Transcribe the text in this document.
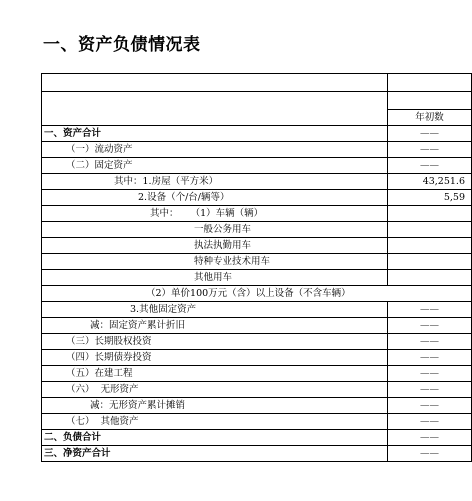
一、资产负债情况表

	年初数
一、资产合计	——
（一）流动资产	——
（二）固定资产	——
其中：1.房屋（平方米）	43,251.6
2.设备（个/台/辆等）	5,59
其中：    （1）车辆（辆）	
一般公务用车	
执法执勤用车	
特种专业技术用车	
其他用车	
（2）单价100万元（含）以上设备（不含车辆）	
3.其他固定资产	——
减：固定资产累计折旧	——
（三）长期股权投资	——
（四）长期债券投资	——
（五）在建工程	——
（六）  无形资产	——
减：无形资产累计摊销	——
（七）  其他资产	——
二、负债合计	——
三、净资产合计	——
